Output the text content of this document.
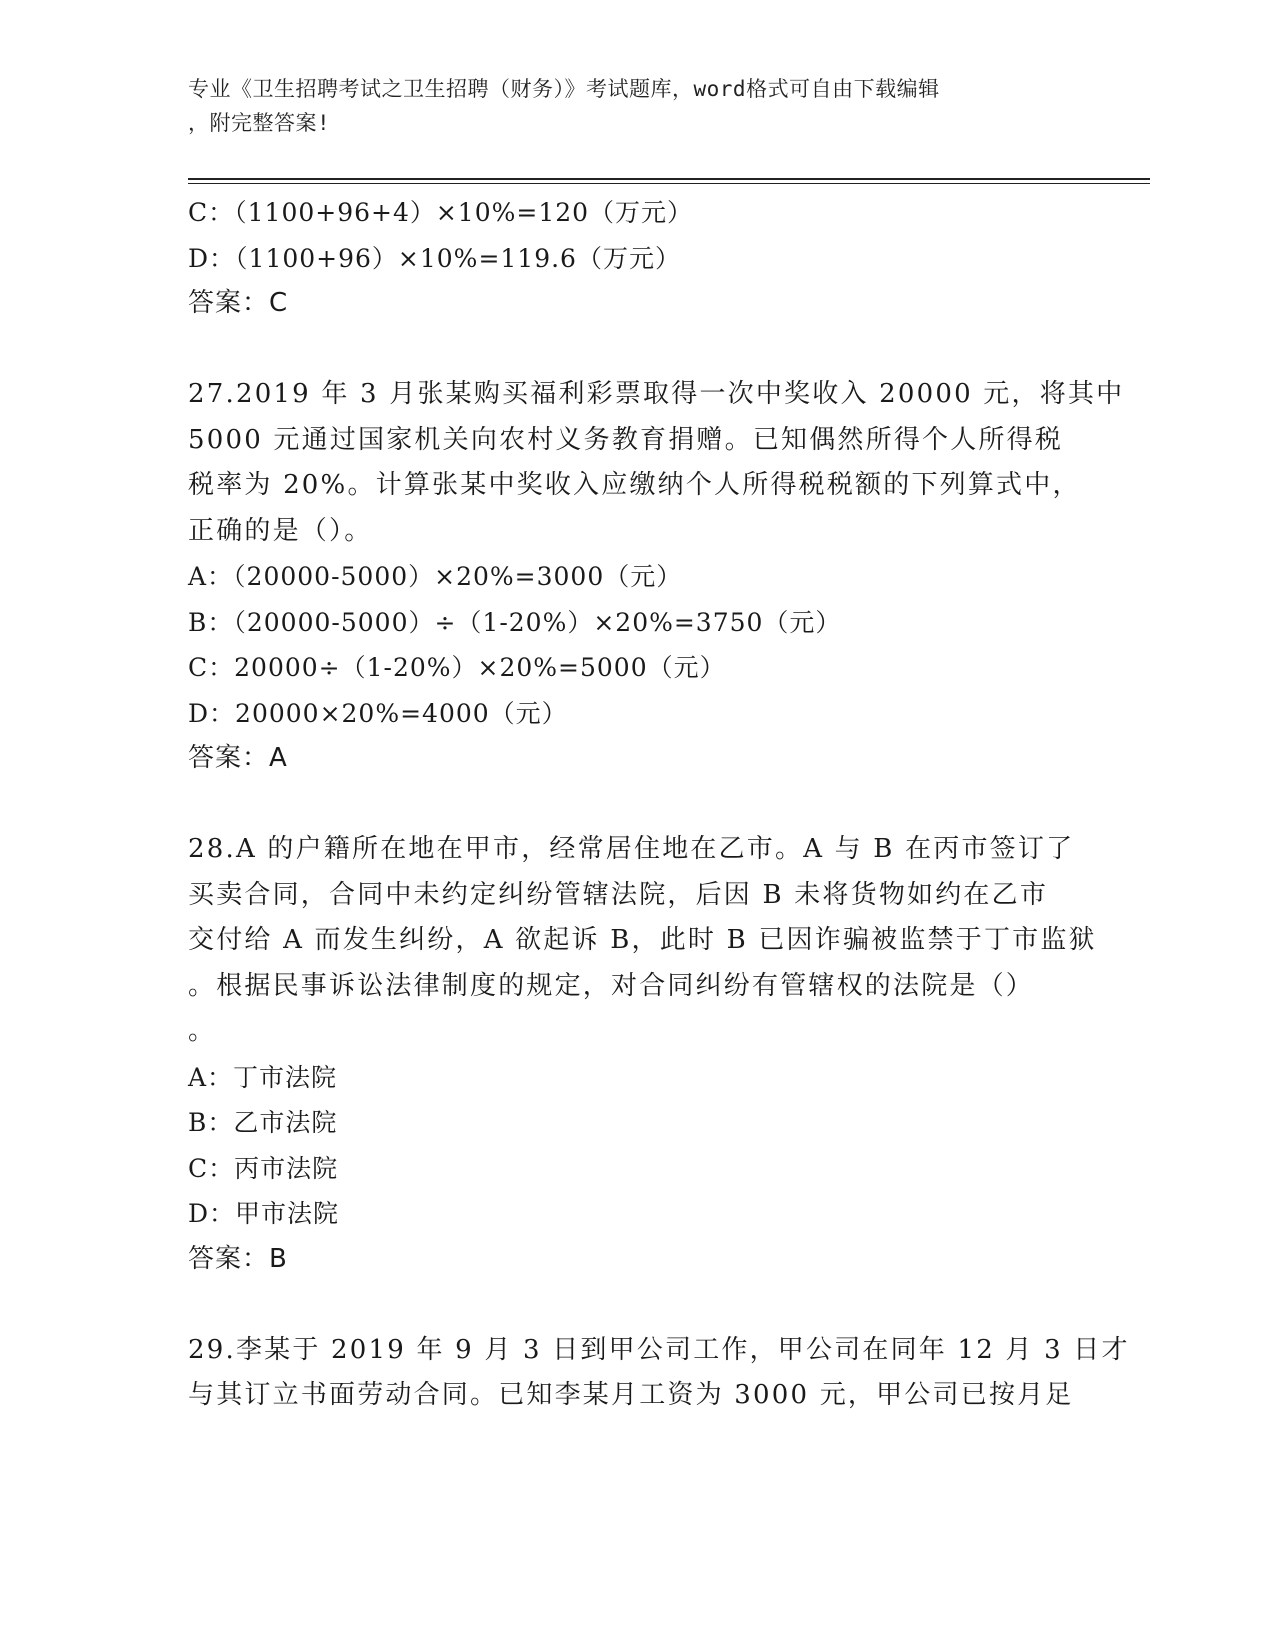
专业《卫生招聘考试之卫生招聘（财务）》考试题库，word格式可自由下载编辑
，附完整答案!
C：（1100+96+4）×10%=120（万元）
D：（1100+96）×10%=119.6（万元）
答案：C
27.2019 年 3 月张某购买福利彩票取得一次中奖收入 20000 元，将其中
5000 元通过国家机关向农村义务教育捐赠。已知偶然所得个人所得税
税率为 20%。计算张某中奖收入应缴纳个人所得税税额的下列算式中，
正确的是（）。
A：（20000-5000）×20%=3000（元）
B：（20000-5000）÷（1-20%）×20%=3750（元）
C：20000÷（1-20%）×20%=5000（元）
D：20000×20%=4000（元）
答案：A
28.A 的户籍所在地在甲市，经常居住地在乙市。A 与 B 在丙市签订了
买卖合同，合同中未约定纠纷管辖法院，后因 B 未将货物如约在乙市
交付给 A 而发生纠纷，A 欲起诉 B，此时 B 已因诈骗被监禁于丁市监狱
。根据民事诉讼法律制度的规定，对合同纠纷有管辖权的法院是（）
。
A：丁市法院
B：乙市法院
C：丙市法院
D：甲市法院
答案：B
29.李某于 2019 年 9 月 3 日到甲公司工作，甲公司在同年 12 月 3 日才
与其订立书面劳动合同。已知李某月工资为 3000 元，甲公司已按月足
